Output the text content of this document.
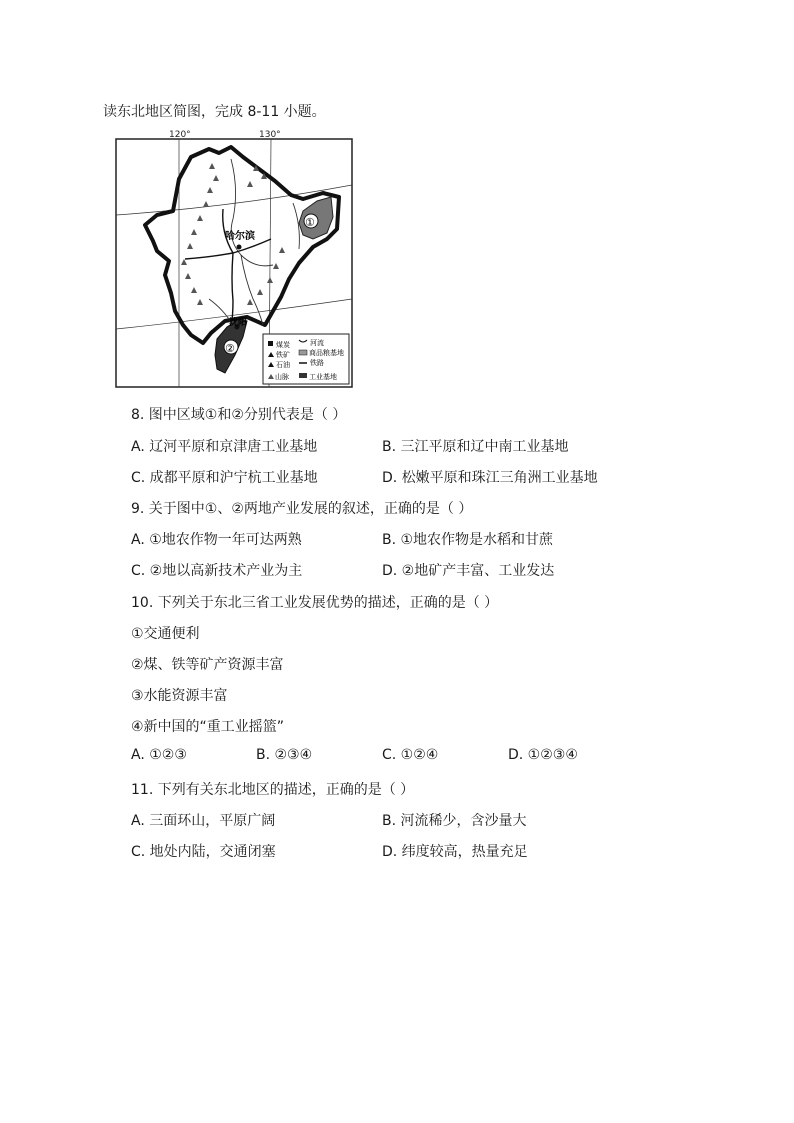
读东北地区简图，完成 8-11 小题。
120°	130°
①
②
哈尔滨
沈阳
煤炭
铁矿
石油
山脉
河流
商品粮基地
铁路
工业基地
8. 图中区域①和②分别代表是（ ）
A. 辽河平原和京津唐工业基地	B. 三江平原和辽中南工业基地
C. 成都平原和沪宁杭工业基地	D. 松嫩平原和珠江三角洲工业基地
9. 关于图中①、②两地产业发展的叙述，正确的是（ ）
A. ①地农作物一年可达两熟	B. ①地农作物是水稻和甘蔗
C. ②地以高新技术产业为主	D. ②地矿产丰富、工业发达
10. 下列关于东北三省工业发展优势的描述，正确的是（ ）
①交通便利
②煤、铁等矿产资源丰富
③水能资源丰富
④新中国的“重工业摇篮”
A. ①②③	B. ②③④	C. ①②④	D. ①②③④
11. 下列有关东北地区的描述，正确的是（ ）
A. 三面环山，平原广阔	B. 河流稀少，含沙量大
C. 地处内陆，交通闭塞	D. 纬度较高，热量充足
